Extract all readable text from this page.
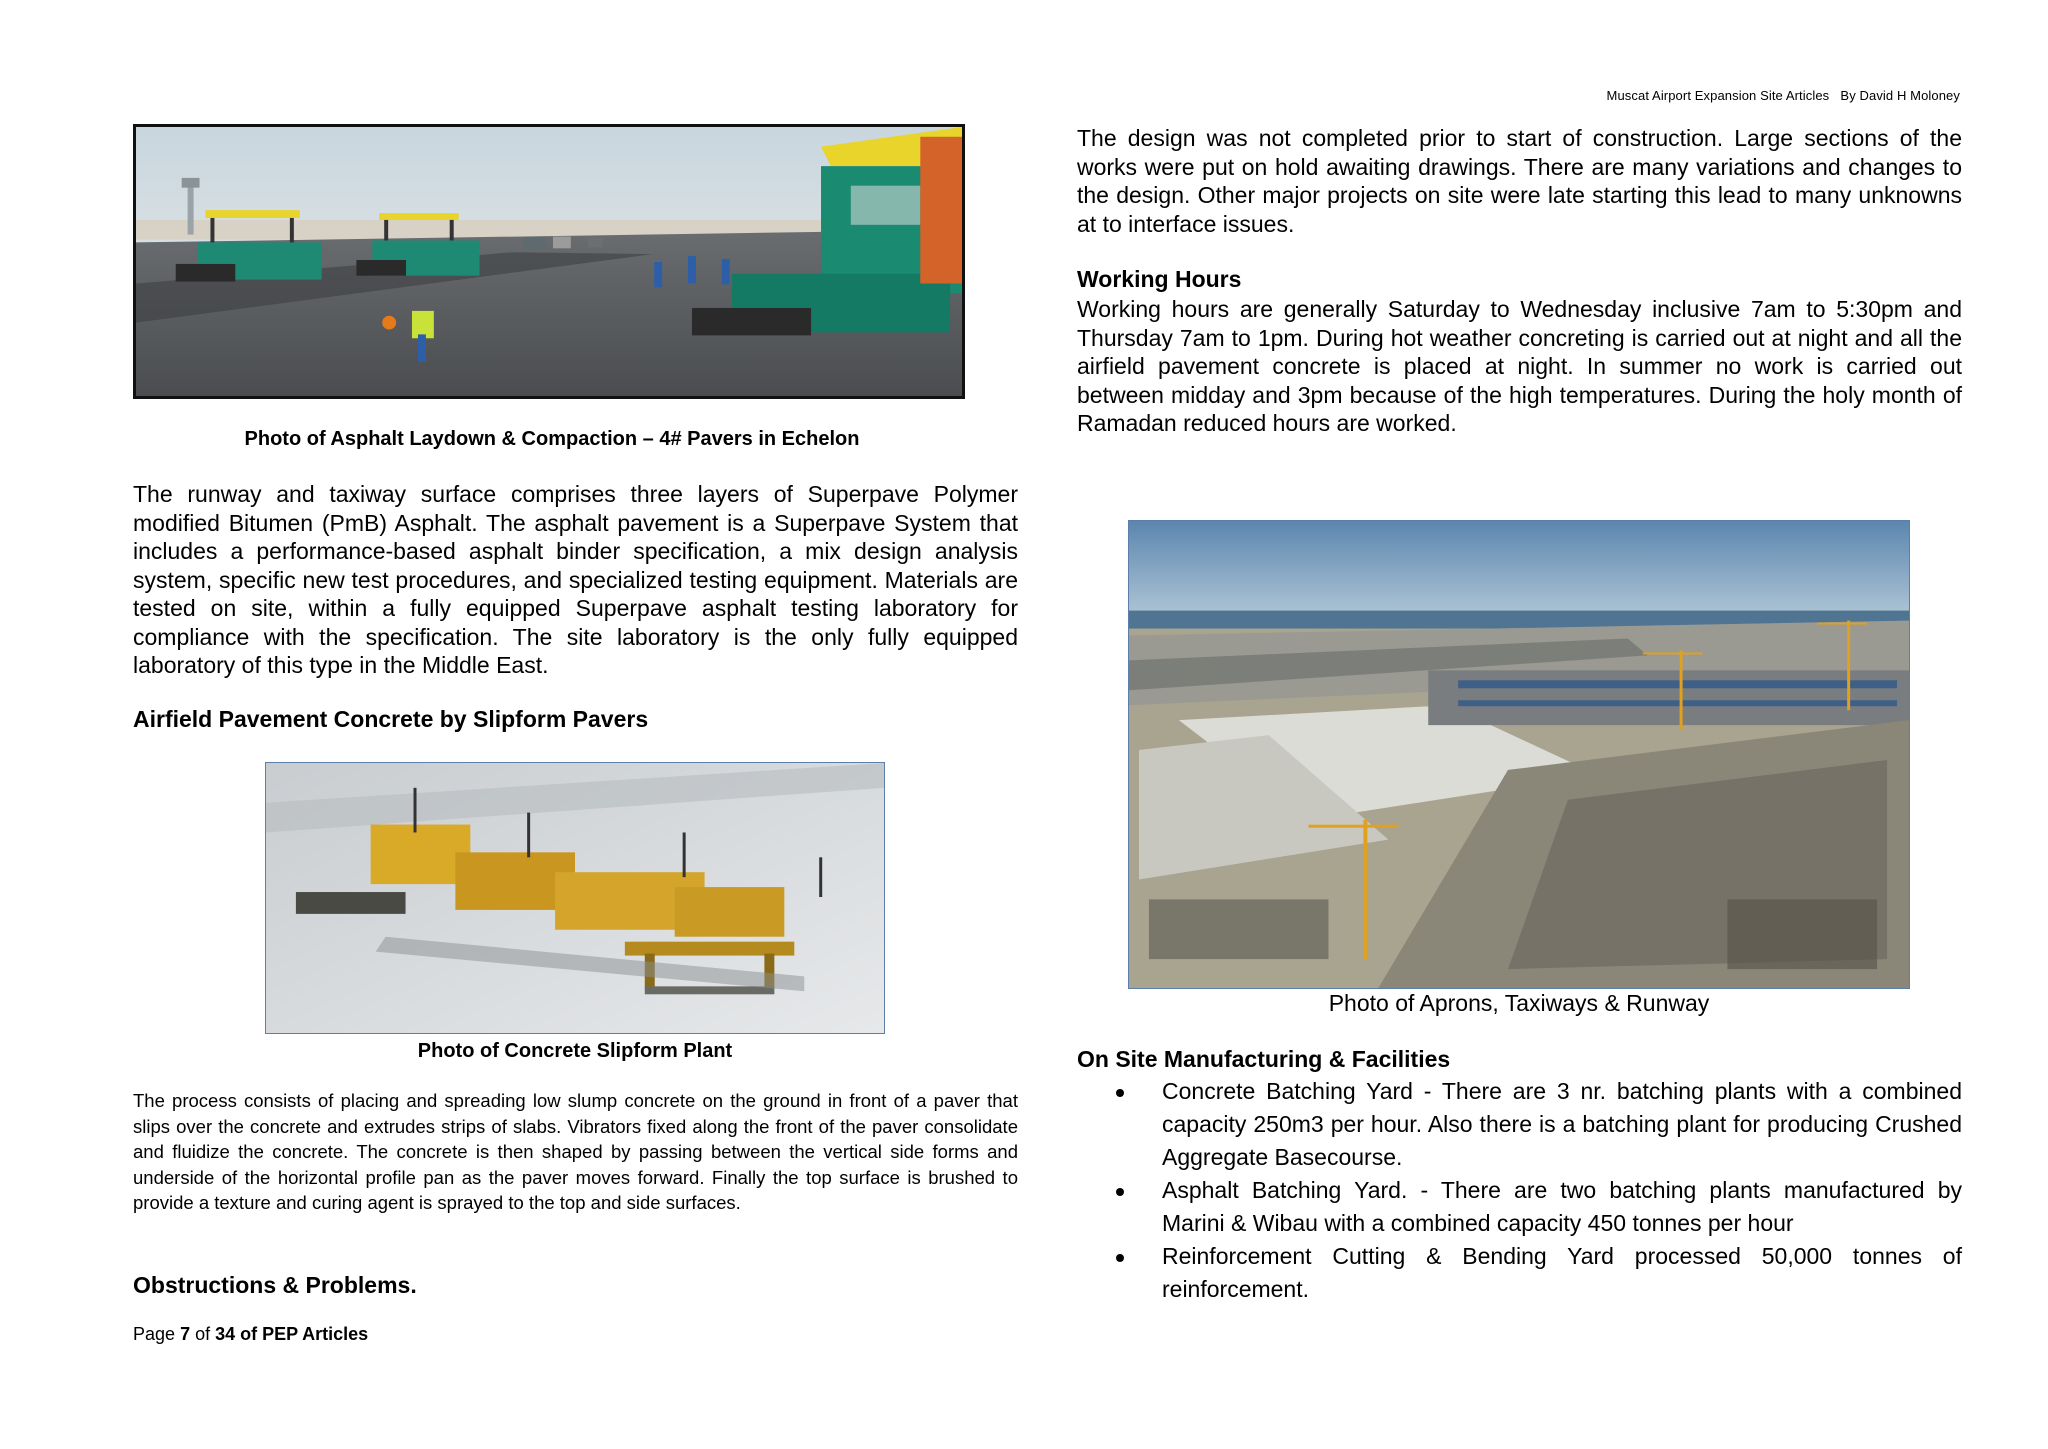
Muscat Airport Expansion Site Articles By David H Moloney
Photo of Asphalt Laydown & Compaction – 4# Pavers in Echelon
The runway and taxiway surface comprises three layers of Superpave Polymer modified Bitumen (PmB) Asphalt. The asphalt pavement is a Superpave System that includes a performance-based asphalt binder specification, a mix design analysis system, specific new test procedures, and specialized testing equipment. Materials are tested on site, within a fully equipped Superpave asphalt testing laboratory for compliance with the specification. The site laboratory is the only fully equipped laboratory of this type in the Middle East.
Airfield Pavement Concrete by Slipform Pavers
Photo of Concrete Slipform Plant
The process consists of placing and spreading low slump concrete on the ground in front of a paver that slips over the concrete and extrudes strips of slabs. Vibrators fixed along the front of the paver consolidate and fluidize the concrete. The concrete is then shaped by passing between the vertical side forms and underside of the horizontal profile pan as the paver moves forward. Finally the top surface is brushed to provide a texture and curing agent is sprayed to the top and side surfaces.
Obstructions & Problems.
Page 7 of 34 of PEP Articles
The design was not completed prior to start of construction. Large sections of the works were put on hold awaiting drawings. There are many variations and changes to the design. Other major projects on site were late starting this lead to many unknowns at to interface issues.
Working Hours
Working hours are generally Saturday to Wednesday inclusive 7am to 5:30pm and Thursday 7am to 1pm. During hot weather concreting is carried out at night and all the airfield pavement concrete is placed at night. In summer no work is carried out between midday and 3pm because of the high temperatures. During the holy month of Ramadan reduced hours are worked.
Photo of Aprons, Taxiways & Runway
On Site Manufacturing & Facilities
Concrete Batching Yard - There are 3 nr. batching plants with a combined capacity 250m3 per hour. Also there is a batching plant for producing Crushed Aggregate Basecourse.
Asphalt Batching Yard. - There are two batching plants manufactured by Marini & Wibau with a combined capacity 450 tonnes per hour
Reinforcement Cutting & Bending Yard processed 50,000 tonnes of reinforcement.
